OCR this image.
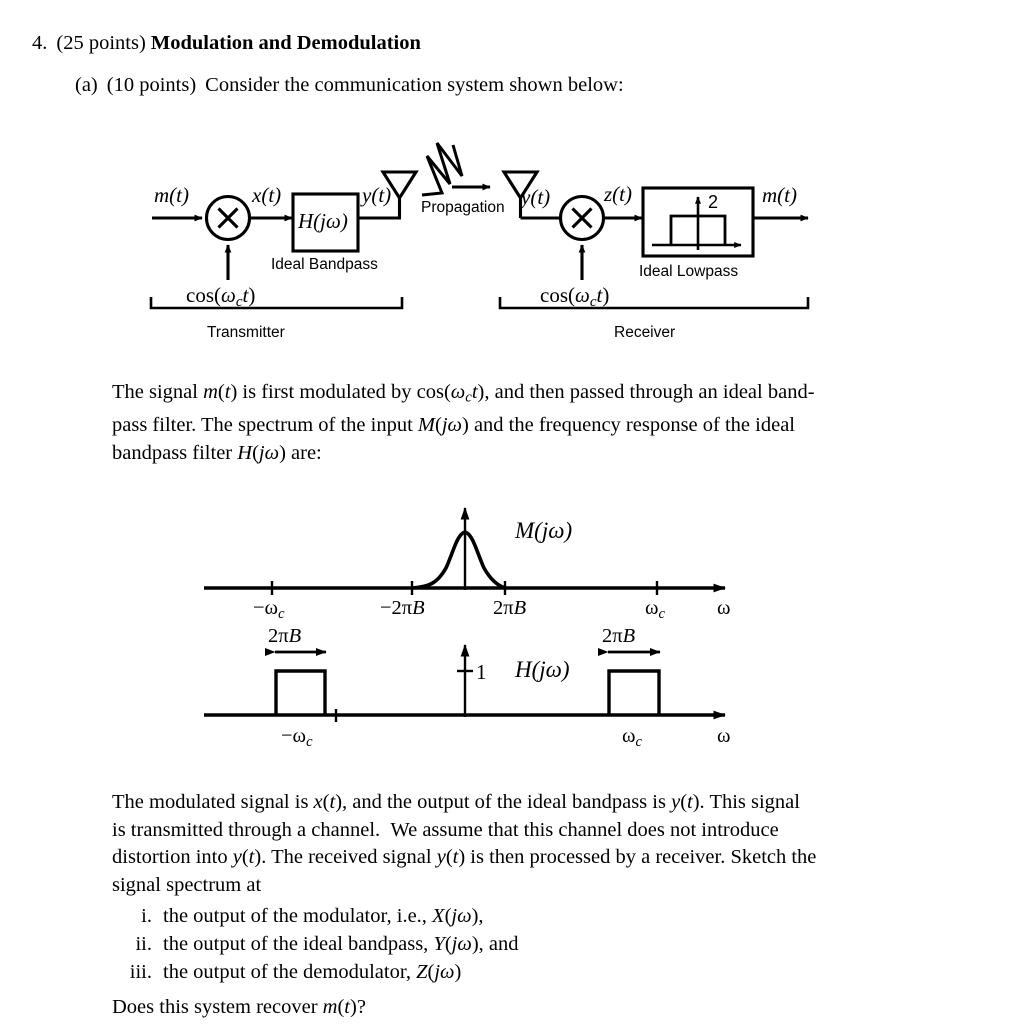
4. (25 points) Modulation and Demodulation
(a) (10 points) Consider the communication system shown below:
m(t)
cos(ωct)
x(t)
H(jω)
Ideal Bandpass
y(t)
Propagation y(t)
cos(ωct)
z(t)	2
Ideal Lowpass
m(t)
Transmitter	Receiver

The signal m(t) is first modulated by $\cos(\omega_ct)$, and then passed through an ideal band-

pass filter. The spectrum of the input M(jω) and the frequency response of the ideal

bandpass filter H(jω) are:

−ωc	−2πB	2πB	ωc	ω
M(jω)
1
2πB	2πB
−ωc	ωc	ω
H(jω)

The modulated signal is x(t), and the output of the ideal bandpass is y(t). This signal

is transmitted through a channel.  We assume that this channel does not introduce

distortion into y(t). The received signal y(t) is then processed by a receiver. Sketch the

signal spectrum at

i. the output of the modulator, i.e., X(jω),
ii. the output of the ideal bandpass, Y(jω), and
iii. the output of the demodulator, Z(jω)
Does this system recover m(t)?
